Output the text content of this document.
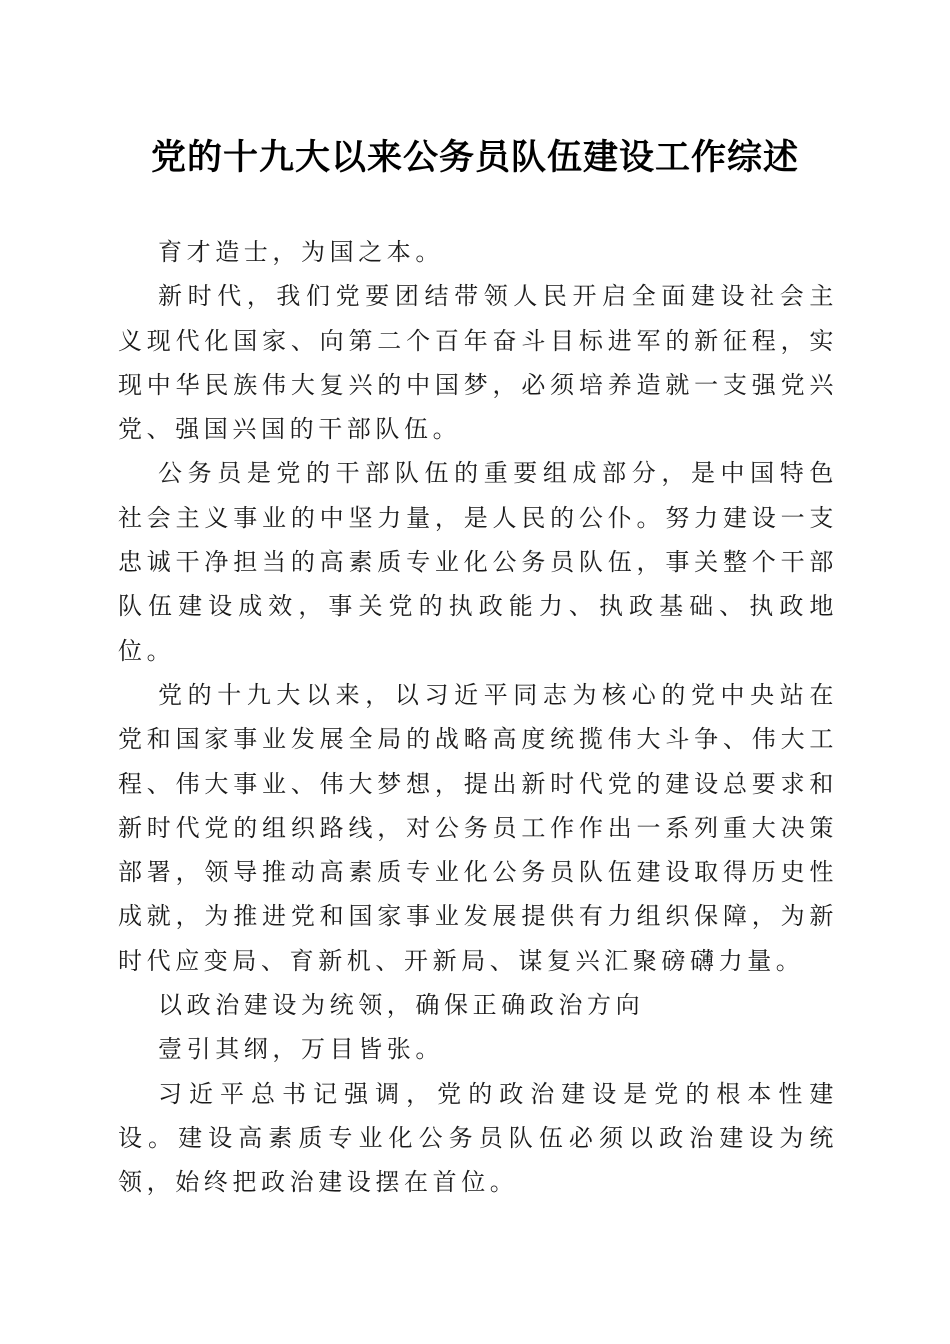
党的十九大以来公务员队伍建设工作综述

育才造士，为国之本。

新时代，我们党要团结带领人民开启全面建设社会主义现代化国家、向第二个百年奋斗目标进军的新征程，实现中华民族伟大复兴的中国梦，必须培养造就一支强党兴党、强国兴国的干部队伍。

公务员是党的干部队伍的重要组成部分，是中国特色社会主义事业的中坚力量，是人民的公仆。努力建设一支忠诚干净担当的高素质专业化公务员队伍，事关整个干部队伍建设成效，事关党的执政能力、执政基础、执政地位。

党的十九大以来，以习近平同志为核心的党中央站在党和国家事业发展全局的战略高度统揽伟大斗争、伟大工程、伟大事业、伟大梦想，提出新时代党的建设总要求和新时代党的组织路线，对公务员工作作出一系列重大决策部署，领导推动高素质专业化公务员队伍建设取得历史性成就，为推进党和国家事业发展提供有力组织保障，为新时代应变局、育新机、开新局、谋复兴汇聚磅礴力量。

以政治建设为统领，确保正确政治方向

壹引其纲，万目皆张。

习近平总书记强调，党的政治建设是党的根本性建设。建设高素质专业化公务员队伍必须以政治建设为统领，始终把政治建设摆在首位。
